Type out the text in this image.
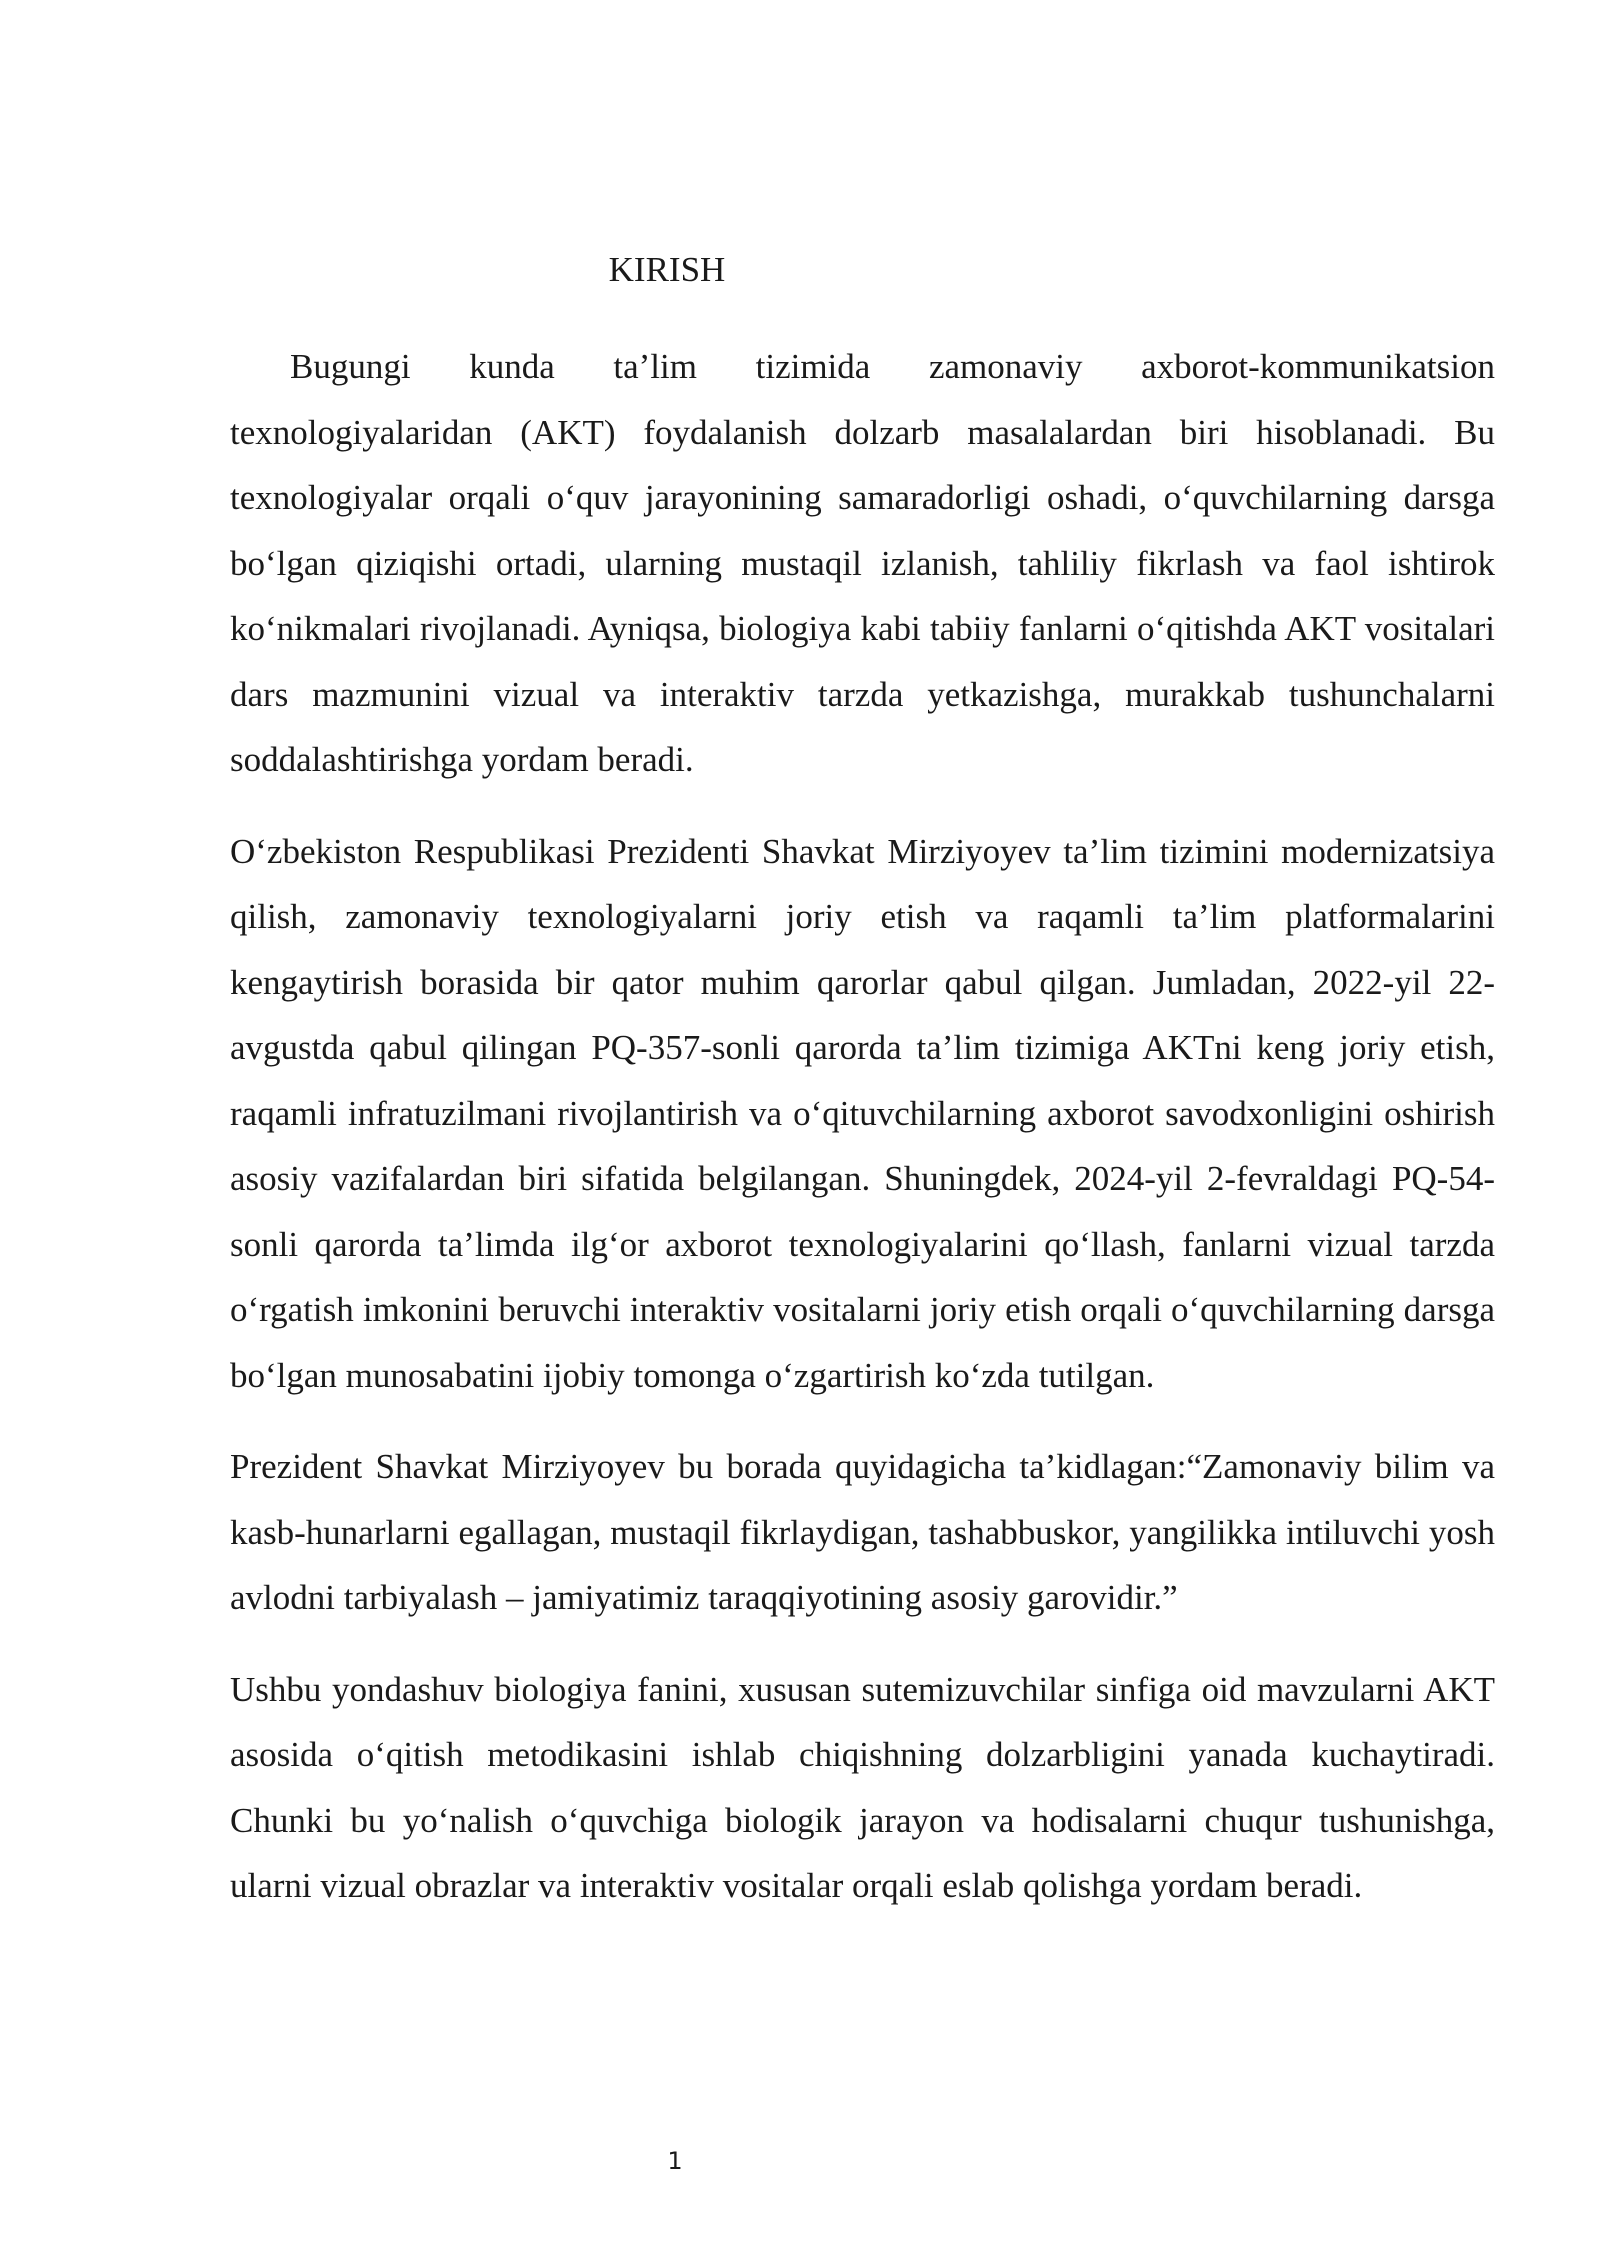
KIRISH

Bugungi kunda ta’lim tizimida zamonaviy axborot-kommunikatsion texnologiyalaridan (AKT) foydalanish dolzarb masalalardan biri hisoblanadi. Bu texnologiyalar orqali o‘quv jarayonining samaradorligi oshadi, o‘quvchilarning darsga bo‘lgan qiziqishi ortadi, ularning mustaqil izlanish, tahliliy fikrlash va faol ishtirok ko‘nikmalari rivojlanadi. Ayniqsa, biologiya kabi tabiiy fanlarni o‘qitishda AKT vositalari dars mazmunini vizual va interaktiv tarzda yetkazishga, murakkab tushunchalarni soddalashtirishga yordam beradi.

O‘zbekiston Respublikasi Prezidenti Shavkat Mirziyoyev ta’lim tizimini modernizatsiya qilish, zamonaviy texnologiyalarni joriy etish va raqamli ta’lim platformalarini kengaytirish borasida bir qator muhim qarorlar qabul qilgan. Jumladan, 2022-yil 22-avgustda qabul qilingan PQ-357-sonli qarorda ta’lim tizimiga AKTni keng joriy etish, raqamli infratuzilmani rivojlantirish va o‘qituvchilarning axborot savodxonligini oshirish asosiy vazifalardan biri sifatida belgilangan. Shuningdek, 2024-yil 2-fevraldagi PQ-54-sonli qarorda ta’limda ilg‘or axborot texnologiyalarini qo‘llash, fanlarni vizual tarzda o‘rgatish imkonini beruvchi interaktiv vositalarni joriy etish orqali o‘quvchilarning darsga bo‘lgan munosabatini ijobiy tomonga o‘zgartirish ko‘zda tutilgan.

Prezident Shavkat Mirziyoyev bu borada quyidagicha ta’kidlagan:“Zamonaviy bilim va kasb-hunarlarni egallagan, mustaqil fikrlaydigan, tashabbuskor, yangilikka intiluvchi yosh avlodni tarbiyalash – jamiyatimiz taraqqiyotining asosiy garovidir.”

Ushbu yondashuv biologiya fanini, xususan sutemizuvchilar sinfiga oid mavzularni AKT asosida o‘qitish metodikasini ishlab chiqishning dolzarbligini yanada kuchaytiradi. Chunki bu yo‘nalish o‘quvchiga biologik jarayon va hodisalarni chuqur tushunishga, ularni vizual obrazlar va interaktiv vositalar orqali eslab qolishga yordam beradi.

1
